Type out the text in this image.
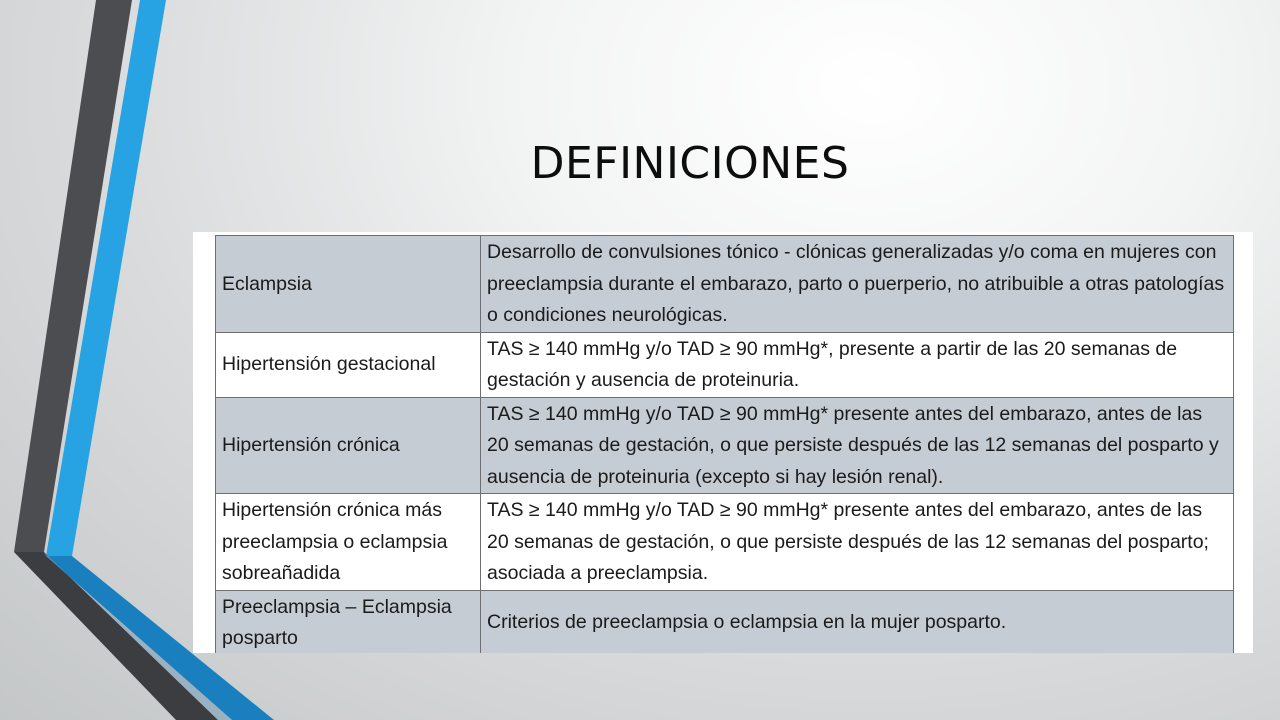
DEFINICIONES
Eclampsia	Desarrollo de convulsiones tónico - clónicas generalizadas y/o coma en mujeres con preeclampsia durante el embarazo, parto o puerperio, no atribuible a otras patologías o condiciones neurológicas.
Hipertensión gestacional	TAS ≥ 140 mmHg y/o TAD ≥ 90 mmHg*, presente a partir de las 20 semanas de gestación y ausencia de proteinuria.
Hipertensión crónica	TAS ≥ 140 mmHg y/o TAD ≥ 90 mmHg* presente antes del embarazo, antes de las 20 semanas de gestación, o que persiste después de las 12 semanas del posparto y ausencia de proteinuria (excepto si hay lesión renal).
Hipertensión crónica más preeclampsia o eclampsia sobreañadida	TAS ≥ 140 mmHg y/o TAD ≥ 90 mmHg* presente antes del embarazo, antes de las 20 semanas de gestación, o que persiste después de las 12 semanas del posparto; asociada a preeclampsia.
Preeclampsia – Eclampsia posparto	Criterios de preeclampsia o eclampsia en la mujer posparto.
